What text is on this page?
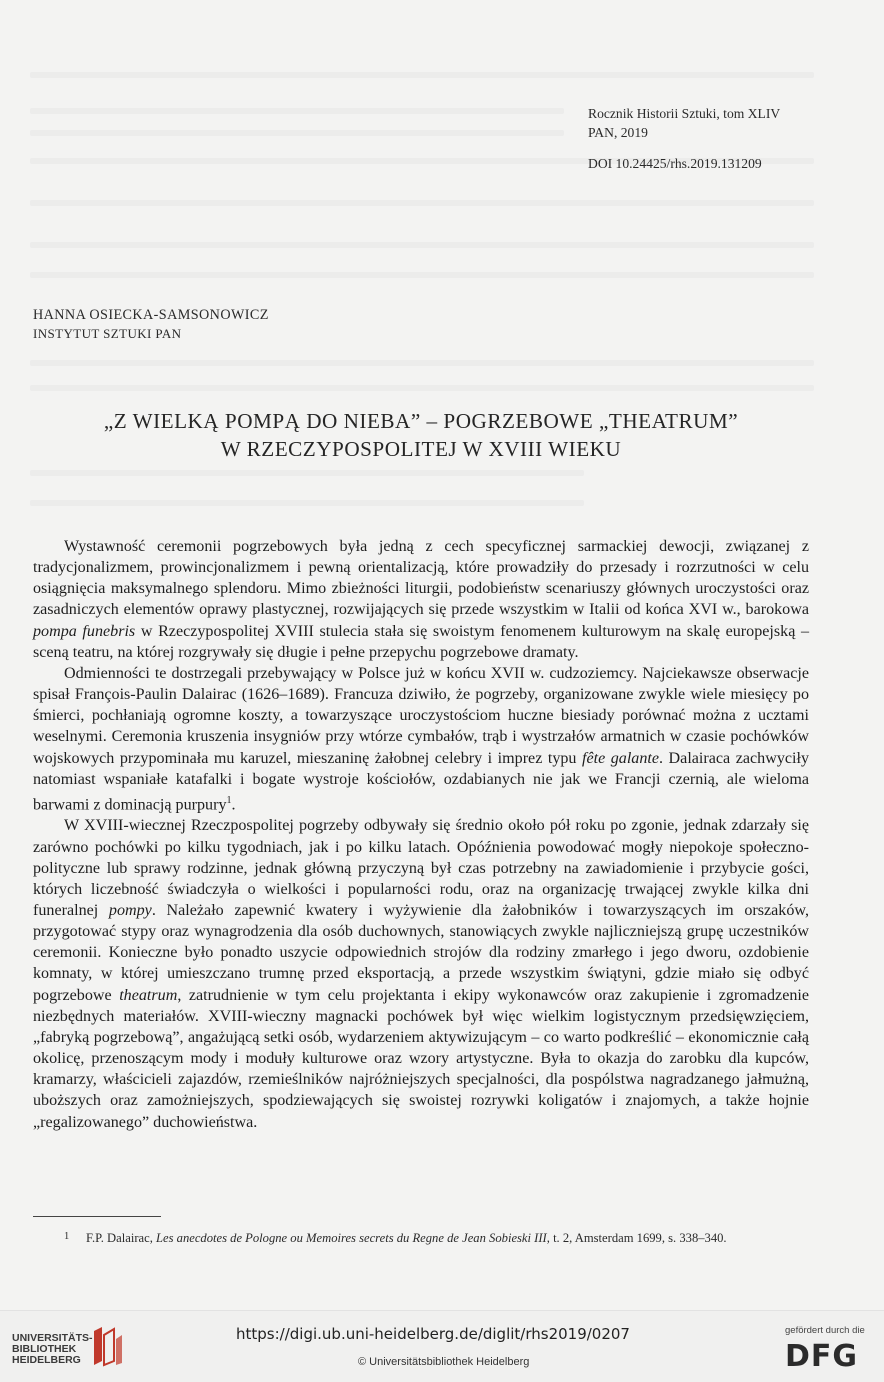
Rocznik Historii Sztuki, tom XLIV
PAN, 2019
DOI 10.24425/rhs.2019.131209
HANNA OSIECKA-SAMSONOWICZ
INSTYTUT SZTUKI PAN
„Z WIELKĄ POMPĄ DO NIEBA” – POGRZEBOWE „THEATRUM”
W RZECZYPOSPOLITEJ W XVIII WIEKU

Wystawność ceremonii pogrzebowych była jedną z cech specyficznej sarmackiej dewocji, związanej z tradycjonalizmem, prowincjonalizmem i pewną orientalizacją, które prowadziły do przesady i rozrzutności w celu osiągnięcia maksymalnego splendoru. Mimo zbieżności liturgii, podobieństw scenariuszy głównych uroczystości oraz zasadniczych elementów oprawy plastycznej, rozwijających się przede wszystkim w Italii od końca XVI w., barokowa pompa funebris w Rzeczypospolitej XVIII stulecia stała się swoistym fenomenem kulturowym na skalę europejską – sceną teatru, na której rozgrywały się długie i pełne przepychu pogrzebowe dramaty.

Odmienności te dostrzegali przebywający w Polsce już w końcu XVII w. cudzoziemcy. Najciekawsze obserwacje spisał François-Paulin Dalairac (1626–1689). Francuza dziwiło, że pogrzeby, organizowane zwykle wiele miesięcy po śmierci, pochłaniają ogromne koszty, a towarzyszące uroczystościom huczne biesiady porównać można z ucztami weselnymi. Ceremonia kruszenia insygniów przy wtórze cymbałów, trąb i wystrzałów armatnich w czasie pochówków wojskowych przypominała mu karuzel, mieszaninę żałobnej celebry i imprez typu fête galante. Dalairaca zachwyciły natomiast wspaniałe katafalki i bogate wystroje kościołów, ozdabianych nie jak we Francji czernią, ale wieloma barwami z dominacją purpury$^1$.

W XVIII-wiecznej Rzeczpospolitej pogrzeby odbywały się średnio około pół roku po zgonie, jednak zdarzały się zarówno pochówki po kilku tygodniach, jak i po kilku latach. Opóźnienia powodować mogły niepokoje społeczno-polityczne lub sprawy rodzinne, jednak główną przyczyną był czas potrzebny na zawiadomienie i przybycie gości, których liczebność świadczyła o wielkości i popularności rodu, oraz na organizację trwającej zwykle kilka dni funeralnej pompy. Należało zapewnić kwatery i wyżywienie dla żałobników i towarzyszących im orszaków, przygotować stypy oraz wynagrodzenia dla osób duchownych, stanowiących zwykle najliczniejszą grupę uczestników ceremonii. Konieczne było ponadto uszycie odpowiednich strojów dla rodziny zmarłego i jego dworu, ozdobienie komnaty, w której umieszczano trumnę przed eksportacją, a przede wszystkim świątyni, gdzie miało się odbyć pogrzebowe theatrum, zatrudnienie w tym celu projektanta i ekipy wykonawców oraz zakupienie i zgromadzenie niezbędnych materiałów. XVIII-wieczny magnacki pochówek był więc wielkim logistycznym przedsięwzięciem, „fabryką pogrzebową”, angażującą setki osób, wydarzeniem aktywizującym – co warto podkreślić – ekonomicznie całą okolicę, przenoszącym mody i moduły kulturowe oraz wzory artystyczne. Była to okazja do zarobku dla kupców, kramarzy, właścicieli zajazdów, rzemieślników najróżniejszych specjalności, dla pospólstwa nagradzanego jałmużną, uboższych oraz zamożniejszych, spodziewających się swoistej rozrywki koligatów i znajomych, a także hojnie „regalizowanego” duchowieństwa.

1 F.P. Dalairac, Les anecdotes de Pologne ou Memoires secrets du Regne de Jean Sobieski III, t. 2, Amsterdam 1699, s. 338–340.
UNIVERSITÄTS-
BIBLIOTHEK
HEIDELBERG
https://digi.ub.uni-heidelberg.de/diglit/rhs2019/0207
© Universitätsbibliothek Heidelberg
gefördert durch die
DFG
